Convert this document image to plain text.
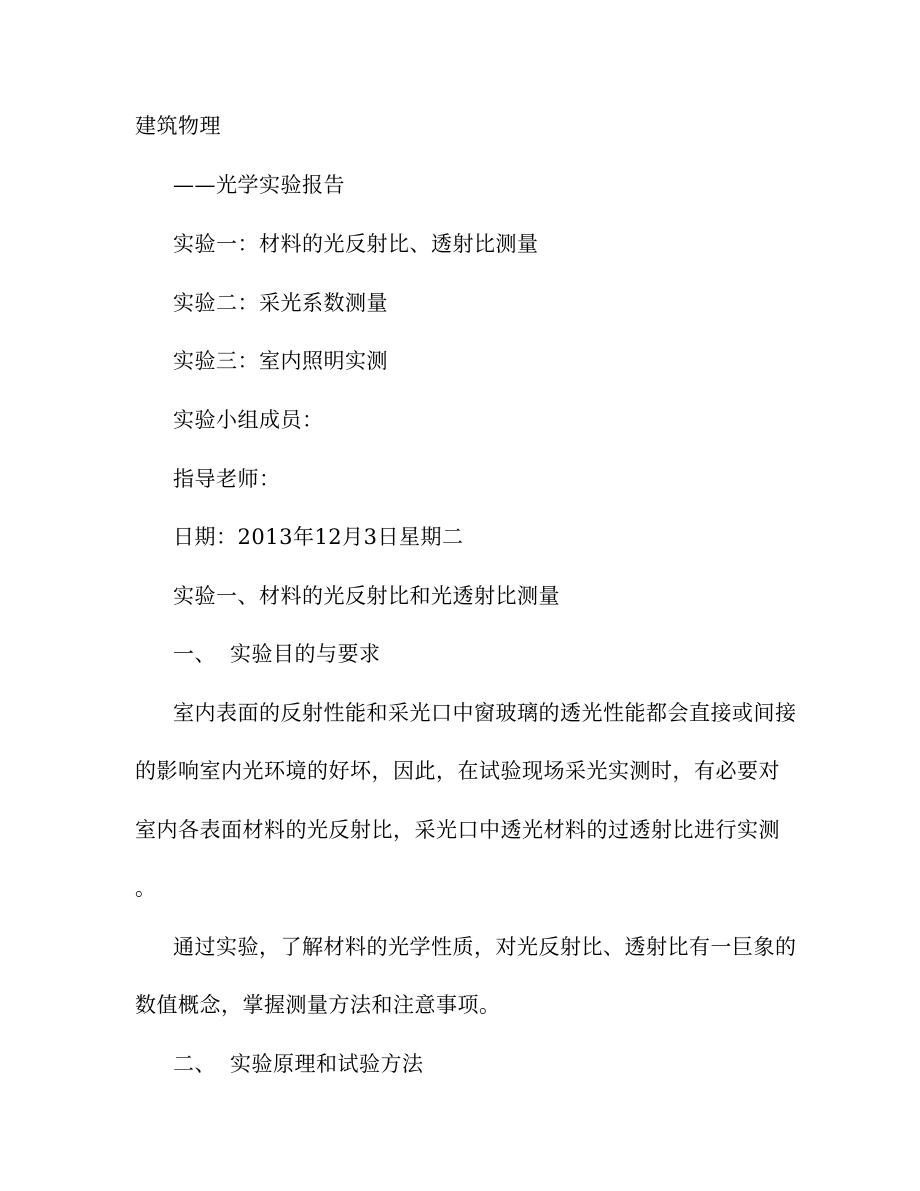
建筑物理
——光学实验报告
实验一：材料的光反射比、透射比测量
实验二：采光系数测量
实验三：室内照明实测
实验小组成员：
指导老师：
日期：2013年12月3日星期二
实验一、材料的光反射比和光透射比测量
一、 实验目的与要求
室内表面的反射性能和采光口中窗玻璃的透光性能都会直接或间接
的影响室内光环境的好坏，因此，在试验现场采光实测时，有必要对
室内各表面材料的光反射比，采光口中透光材料的过透射比进行实测
。
通过实验，了解材料的光学性质，对光反射比、透射比有一巨象的
数值概念，掌握测量方法和注意事项。
二、 实验原理和试验方法
